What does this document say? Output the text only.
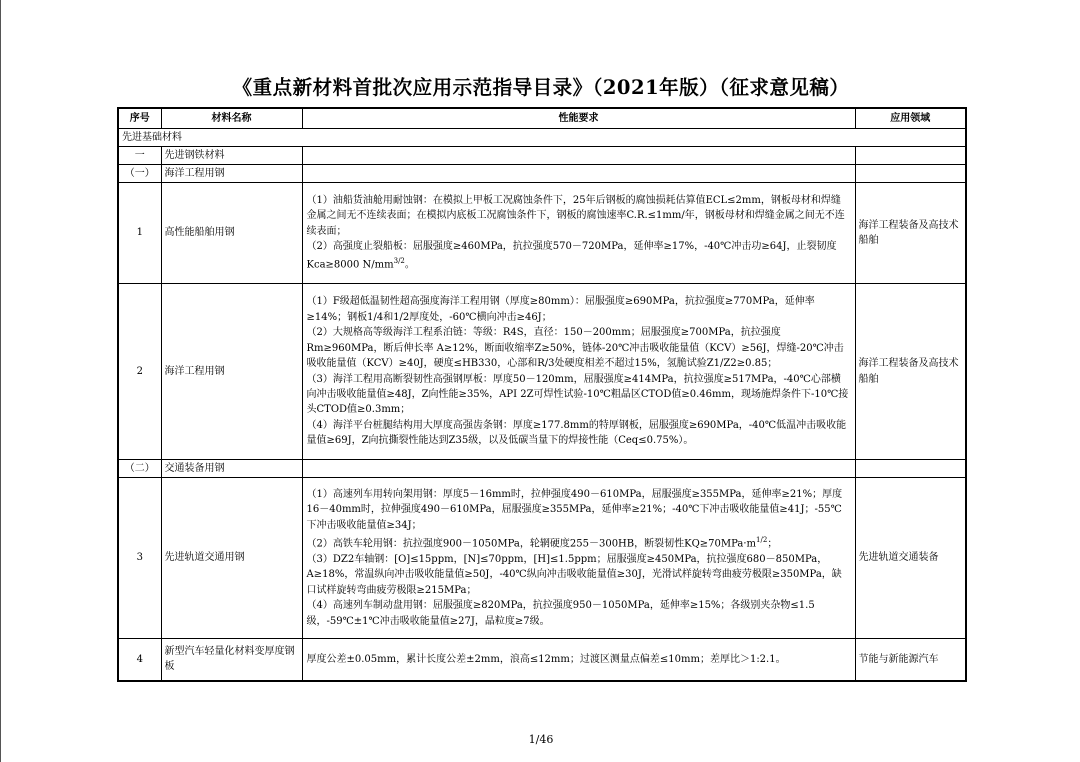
《重点新材料首批次应用示范指导目录》（2021年版）（征求意见稿）
序号	材料名称	性能要求	应用领域
先进基础材料			
一	先进钢铁材料		
（一）	海洋工程用钢		
1	高性能船舶用钢	（1）油船货油舱用耐蚀钢：在模拟上甲板工况腐蚀条件下，25年后钢板的腐蚀损耗估算值ECL≤2mm，钢板母材和焊缝金属之间无不连续表面；在模拟内底板工况腐蚀条件下，钢板的腐蚀速率C.R.≤1mm/年，钢板母材和焊缝金属之间无不连续表面；

（2）高强度止裂船板：屈服强度≥460MPa，抗拉强度570－720MPa，延伸率≥17%，-40℃冲击功≥64J，止裂韧度Kca≥8000 $N/mm^{3/2}$。	海洋工程装备及高技术船舶
2	海洋工程用钢	（1）F级超低温韧性超高强度海洋工程用钢（厚度≥80mm）：屈服强度≥690MPa，抗拉强度≥770MPa，延伸率≥14%；钢板1/4和1/2厚度处，-60℃横向冲击≥46J；

（2）大规格高等级海洋工程系泊链：等级：R4S，直径：150－200mm；屈服强度≥700MPa，抗拉强度 Rm≥960MPa，断后伸长率 A≥12%，断面收缩率Z≥50%，链体-20℃冲击吸收能量值（KCV）≥56J，焊缝-20℃冲击吸收能量值（KCV）≥40J，硬度≤HB330，心部和R/3处硬度相差不超过15%，氢脆试验Z1/Z2≥0.85；

（3）海洋工程用高断裂韧性高强钢厚板：厚度50－120mm，屈服强度≥414MPa，抗拉强度≥517MPa，-40℃心部横向冲击吸收能量值≥48J，Z向性能≥35%，API 2Z可焊性试验-10℃粗晶区CTOD值≥0.46mm，现场施焊条件下-10℃接头CTOD值≥0.3mm；

（4）海洋平台桩腿结构用大厚度高强齿条钢：厚度≥177.8mm的特厚钢板，屈服强度≥690MPa，-40℃低温冲击吸收能量值≥69J，Z向抗撕裂性能达到Z35级，以及低碳当量下的焊接性能（Ceq≤0.75%）。	海洋工程装备及高技术船舶
（二）	交通装备用钢		
3	先进轨道交通用钢	（1）高速列车用转向架用钢：厚度5－16mm时，拉伸强度490－610MPa，屈服强度≥355MPa，延伸率≥21%；厚度16－40mm时，拉伸强度490－610MPa，屈服强度≥355MPa，延伸率≥21%；-40℃下冲击吸收能量值≥41J；-55℃下冲击吸收能量值≥34J；

（2）高铁车轮用钢：抗拉强度900－1050MPa，轮辋硬度255－300HB，断裂韧性$KQ\ge 70MPa\cdot m^{1/2}$；

（3）DZ2车轴钢：[O]≤15ppm，[N]≤70ppm，[H]≤1.5ppm；屈服强度≥450MPa，抗拉强度680－850MPa，A≥18%，常温纵向冲击吸收能量值≥50J，-40℃纵向冲击吸收能量值≥30J，光滑试样旋转弯曲疲劳极限≥350MPa，缺口试样旋转弯曲疲劳极限≥215MPa；

（4）高速列车制动盘用钢：屈服强度≥820MPa，抗拉强度950－1050MPa，延伸率≥15%；各级别夹杂物≤1.5级，-59℃±1℃冲击吸收能量值≥27J，晶粒度≥7级。	先进轨道交通装备
4	新型汽车轻量化材料变厚度钢板	厚度公差±0.05mm，累计长度公差±2mm，浪高≤12mm；过渡区测量点偏差≤10mm；差厚比＞1:2.1。	节能与新能源汽车
1/46
